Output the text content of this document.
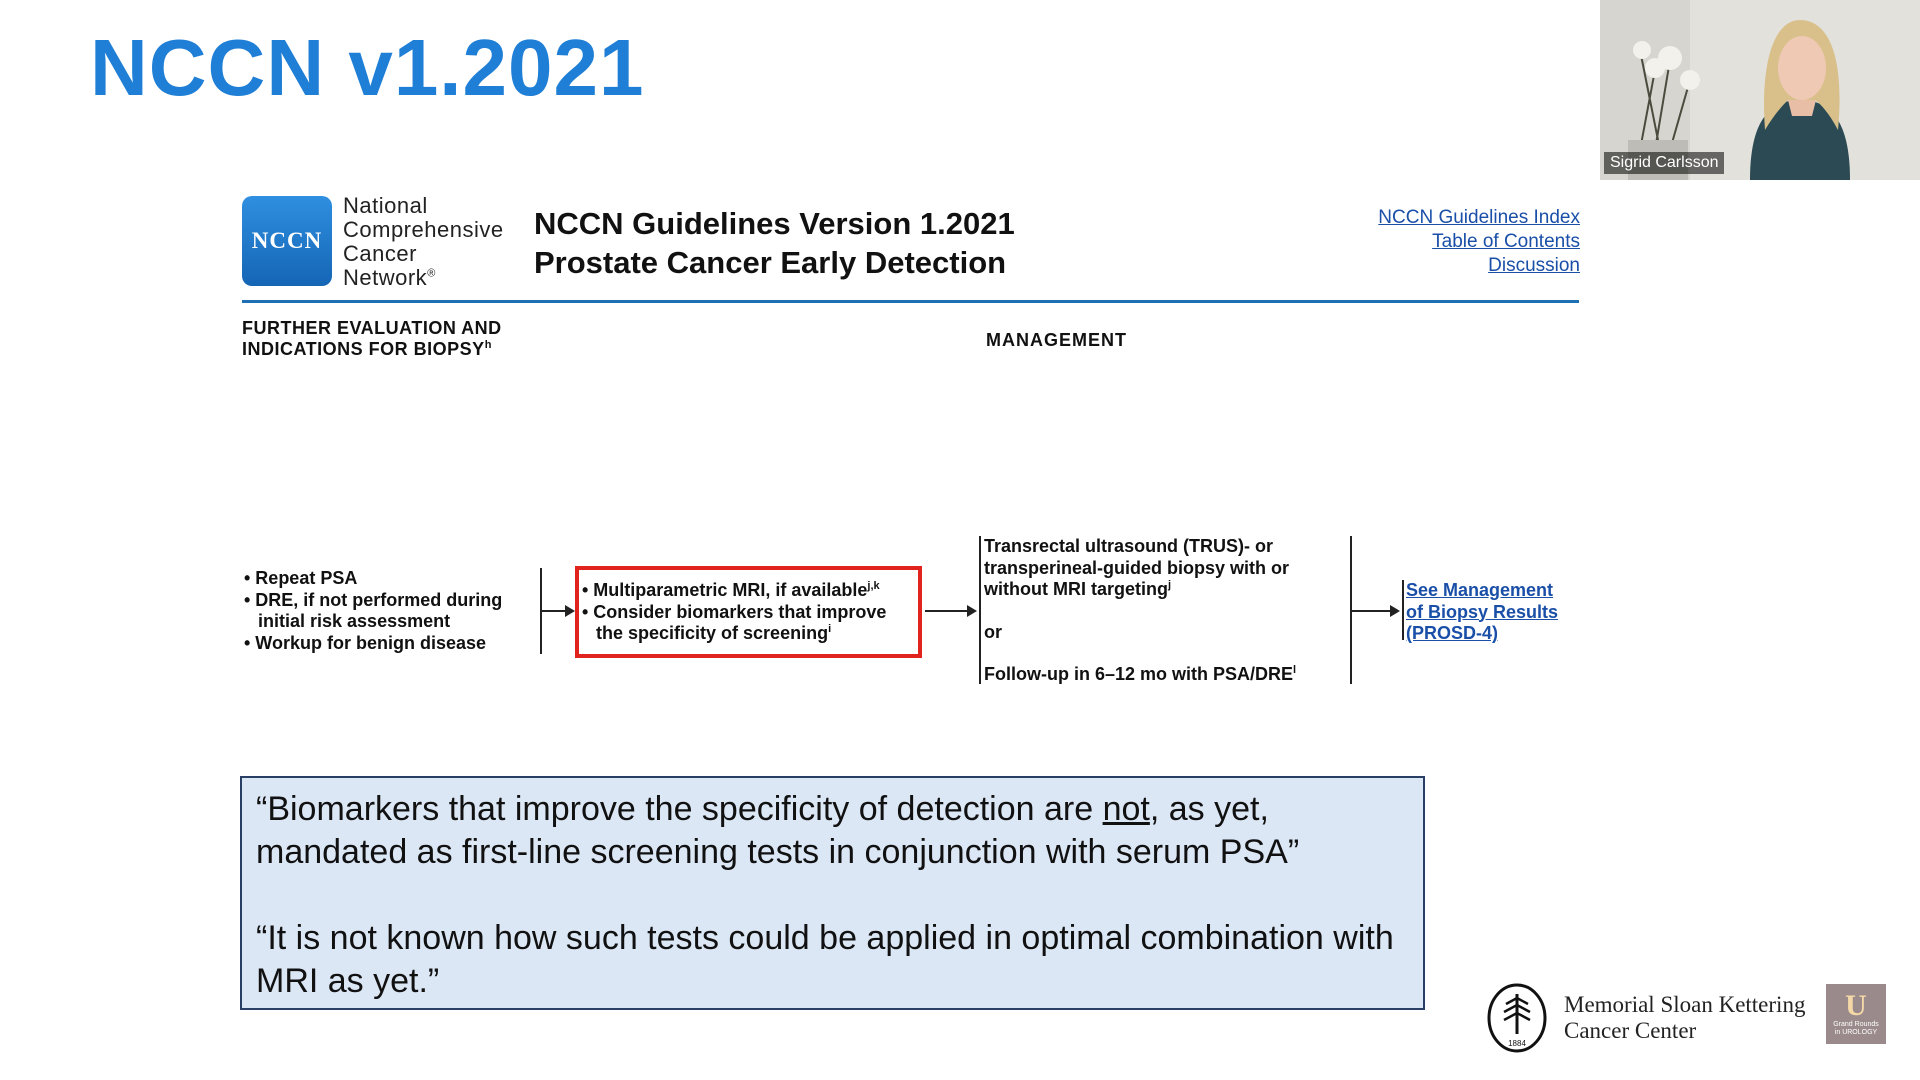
NCCN v1.2021
Sigrid Carlsson
NCCN
National
Comprehensive
Cancer
Network®
NCCN Guidelines Version 1.2021
Prostate Cancer Early Detection
NCCN Guidelines Index
Table of Contents
Discussion
FURTHER EVALUATION AND
INDICATIONS FOR BIOPSY$^h$	MANAGEMENT
• Repeat PSA
• DRE, if not performed during
initial risk assessment
• Workup for benign disease
• Multiparametric MRI, if available$^{j,k}$
• Consider biomarkers that improve
the specificity of screening$^i$
Transrectal ultrasound (TRUS)- or
transperineal-guided biopsy with or
without MRI targeting$^j$
or
Follow-up in 6–12 mo with PSA/DRE$^l$
See Management
of Biopsy Results
(PROSD-4)

“Biomarkers that improve the specificity of detection are not, as yet, mandated as first-line screening tests in conjunction with serum PSA”

“It is not known how such tests could be applied in optimal combination with MRI as yet.”

1884
Memorial Sloan Kettering
Cancer Center
U
Grand Rounds
in UROLOGY
